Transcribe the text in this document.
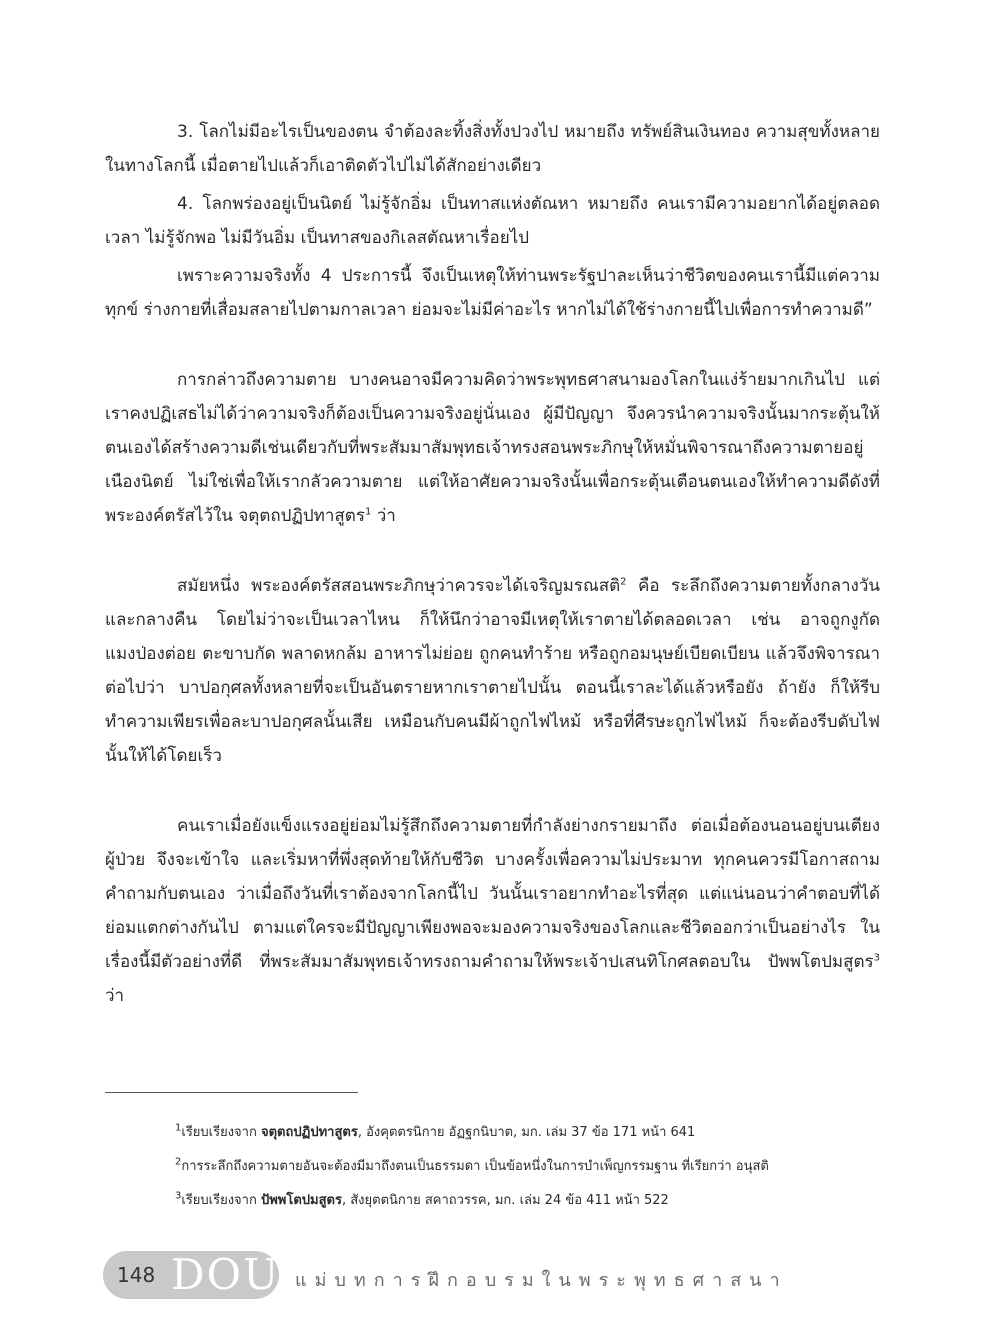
3. โลกไม่มีอะไรเป็นของตน จำต้องละทิ้งสิ่งทั้งปวงไป หมายถึง ทรัพย์สินเงินทอง ความสุขทั้งหลายในทางโลกนี้ เมื่อตายไปแล้วก็เอาติดตัวไปไม่ได้สักอย่างเดียว

4. โลกพร่องอยู่เป็นนิตย์ ไม่รู้จักอิ่ม เป็นทาสแห่งตัณหา หมายถึง คนเรามีความอยากได้อยู่ตลอดเวลา ไม่รู้จักพอ ไม่มีวันอิ่ม เป็นทาสของกิเลสตัณหาเรื่อยไป

เพราะความจริงทั้ง 4 ประการนี้ จึงเป็นเหตุให้ท่านพระรัฐปาละเห็นว่าชีวิตของคนเรานี้มีแต่ความทุกข์ ร่างกายที่เสื่อมสลายไปตามกาลเวลา ย่อมจะไม่มีค่าอะไร หากไม่ได้ใช้ร่างกายนี้ไปเพื่อการทำความดี”

การกล่าวถึงความตาย บางคนอาจมีความคิดว่าพระพุทธศาสนามองโลกในแง่ร้ายมากเกินไป แต่เราคงปฏิเสธไม่ได้ว่าความจริงก็ต้องเป็นความจริงอยู่นั่นเอง ผู้มีปัญญา จึงควรนำความจริงนั้นมากระตุ้นให้ตนเองได้สร้างความดีเช่นเดียวกับที่พระสัมมาสัมพุทธเจ้าทรงสอนพระภิกษุให้หมั่นพิจารณาถึงความตายอยู่เนืองนิตย์ ไม่ใช่เพื่อให้เรากลัวความตาย แต่ให้อาศัยความจริงนั้นเพื่อกระตุ้นเตือนตนเองให้ทำความดีดังที่พระองค์ตรัสไว้ใน จตุตถปฏิปทาสูตร$^1$ ว่า

สมัยหนึ่ง พระองค์ตรัสสอนพระภิกษุว่าควรจะได้เจริญมรณสติ$^2$ คือ ระลึกถึงความตายทั้งกลางวันและกลางคืน โดยไม่ว่าจะเป็นเวลาไหน ก็ให้นึกว่าอาจมีเหตุให้เราตายได้ตลอดเวลา เช่น อาจถูกงูกัด แมงป่องต่อย ตะขาบกัด พลาดหกล้ม อาหารไม่ย่อย ถูกคนทำร้าย หรือถูกอมนุษย์เบียดเบียน แล้วจึงพิจารณาต่อไปว่า บาปอกุศลทั้งหลายที่จะเป็นอันตรายหากเราตายไปนั้น ตอนนี้เราละได้แล้วหรือยัง ถ้ายัง ก็ให้รีบทำความเพียรเพื่อละบาปอกุศลนั้นเสีย เหมือนกับคนมีผ้าถูกไฟไหม้ หรือที่ศีรษะถูกไฟไหม้ ก็จะต้องรีบดับไฟนั้นให้ได้โดยเร็ว

คนเราเมื่อยังแข็งแรงอยู่ย่อมไม่รู้สึกถึงความตายที่กำลังย่างกรายมาถึง ต่อเมื่อต้องนอนอยู่บนเตียงผู้ป่วย จึงจะเข้าใจ และเริ่มหาที่พึ่งสุดท้ายให้กับชีวิต บางครั้งเพื่อความไม่ประมาท ทุกคนควรมีโอกาสถามคำถามกับตนเอง ว่าเมื่อถึงวันที่เราต้องจากโลกนี้ไป วันนั้นเราอยากทำอะไรที่สุด แต่แน่นอนว่าคำตอบที่ได้ย่อมแตกต่างกันไป ตามแต่ใครจะมีปัญญาเพียงพอจะมองความจริงของโลกและชีวิตออกว่าเป็นอย่างไร ในเรื่องนี้มีตัวอย่างที่ดี ที่พระสัมมาสัมพุทธเจ้าทรงถามคำถามให้พระเจ้าปเสนทิโกศลตอบใน ปัพพโตปมสูตร$^3$ ว่า

$^1$เรียบเรียงจาก จตุตถปฏิปทาสูตร, อังคุตตรนิกาย อัฏฐกนิบาต, มก. เล่ม 37 ข้อ 171 หน้า 641

$^2$การระลึกถึงความตายอันจะต้องมีมาถึงตนเป็นธรรมดา เป็นข้อหนึ่งในการบำเพ็ญกรรมฐาน ที่เรียกว่า อนุสติ

$^3$เรียบเรียงจาก ปัพพโตปมสูตร, สังยุตตนิกาย สคาถวรรค, มก. เล่ม 24 ข้อ 411 หน้า 522

148 DOU แม่บทการฝึกอบรมในพระพุทธศาสนา
